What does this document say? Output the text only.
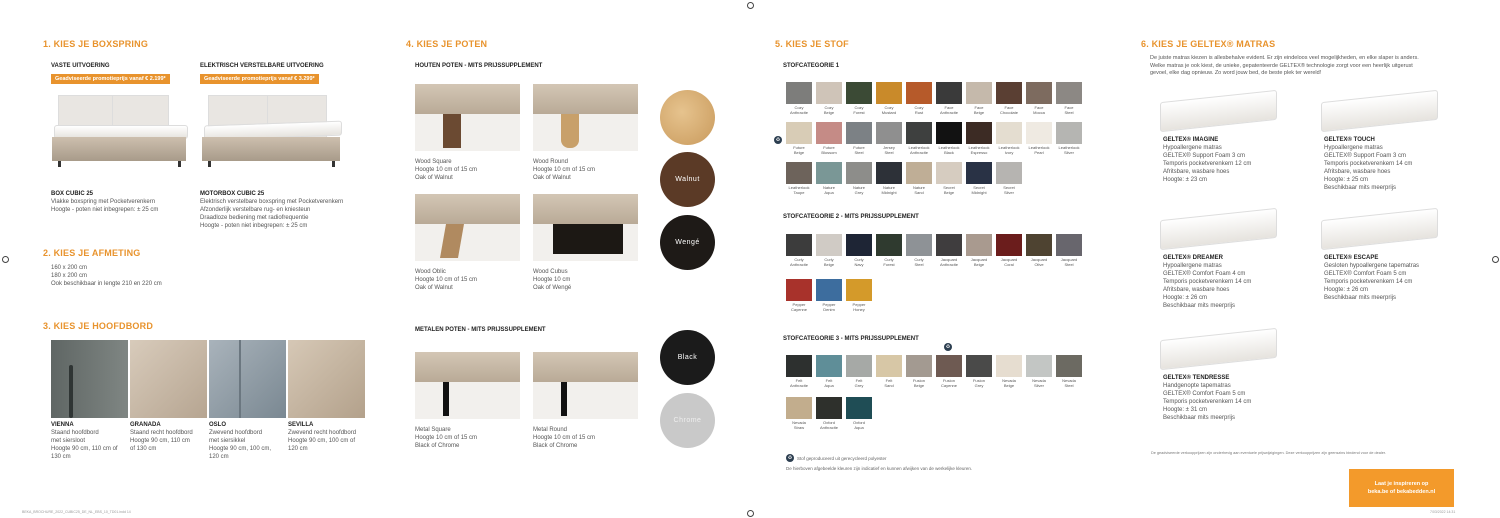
1. KIES JE BOXSPRING
VASTE UITVOERING
Geadviseerde promotieprijs vanaf € 2.199*
ELEKTRISCH VERSTELBARE UITVOERING
Geadviseerde promotieprijs vanaf € 3.299*
BOX CUBIC 25
Vlakke boxspring met Pocketverenkern
Hoogte - poten niet inbegrepen: ± 25 cm
MOTORBOX CUBIC 25
Elektrisch verstelbare boxspring met Pocketverenkern
Afzonderlijk verstelbare rug- en kniesteun
Draadloze bediening met radiofrequentie
Hoogte - poten niet inbegrepen: ± 25 cm
2. KIES JE AFMETING
160 x 200 cm
180 x 200 cm
Ook beschikbaar in lengte 210 en 220 cm
3. KIES JE HOOFDBORD
VIENNA
Staand hoofdbord
met siersloot
Hoogte 90 cm, 110 cm of
130 cm
GRANADA
Staand recht hoofdbord
Hoogte 90 cm, 110 cm
of 130 cm
OSLO
Zwevend hoofdbord
met siersikkel
Hoogte 90 cm, 100 cm,
120 cm
SEVILLA
Zwevend recht hoofdbord
Hoogte 90 cm, 100 cm of
120 cm
4. KIES JE POTEN
HOUTEN POTEN - MITS PRIJSSUPPLEMENT
METALEN POTEN - MITS PRIJSSUPPLEMENT
Wood Square
Hoogte 10 cm of 15 cm
Oak of Walnut
Wood Round
Hoogte 10 cm of 15 cm
Oak of Walnut
Wood Oblic
Hoogte 10 cm of 15 cm
Oak of Walnut
Wood Cubus
Hoogte 10 cm
Oak of Wengé
Metal Square
Hoogte 10 cm of 15 cm
Black of Chrome
Metal Round
Hoogte 10 cm of 15 cm
Black of Chrome
Walnut
Wengé
Black
Chrome
5. KIES JE STOF
STOFCATEGORIE 1
STOFCATEGORIE 2 - MITS PRIJSSUPPLEMENT
STOFCATEGORIE 3 - MITS PRIJSSUPPLEMENT
♻
♻
Cozy
Anthracite
Cozy
Beige
Cozy
Forest
Cozy
Mustard
Cozy
Rust
Face
Anthracite
Face
Beige
Face
Chocolate
Face
Mocca
Face
Steel
Future
Beige
Future
Blossom
Future
Steel
Jersey
Steel
Leatherlook
Anthracite
Leatherlook
Black
Leatherlook
Espresso
Leatherlook
Ivory
Leatherlook
Pearl
Leatherlook
Silver
Leatherlook
Taupe
Nature
Aqua
Nature
Grey
Nature
Midnight
Nature
Sand
Secret
Beige
Secret
Midnight
Secret
Silver
Curly
Anthracite
Curly
Beige
Curly
Navy
Curly
Forest
Curly
Steel
Jacquard
Anthracite
Jacquard
Beige
Jacquard
Coral
Jacquard
Olive
Jacquard
Steel
Pepper
Cayenne
Pepper
Denim
Pepper
Honey
Felt
Anthracite
Felt
Aqua
Felt
Grey
Felt
Sand
Fusion
Beige
Fusion
Cayenne
Fusion
Grey
Nevada
Beige
Nevada
Silver
Nevada
Steel
Nevada
Straw
Oxford
Anthracite
Oxford
Aqua
♻	Stof geproduceerd uit gerecycleerd polyester
De hierboven afgebeelde kleuren zijn indicatief en kunnen afwijken van de werkelijke kleuren.
6. KIES JE GELTEX® MATRAS
De juiste matras kiezen is allesbehalve evident. Er zijn eindeloos veel mogelijkheden, en elke slaper is anders.
Welke matras je ook kiest, de unieke, gepatenteerde GELTEX® technologie zorgt voor een heerlijk uitgerust
gevoel, elke dag opnieuw. Zo word jouw bed, de beste plek ter wereld!
GELTEX® IMAGINE
Hypoallergene matras
GELTEX® Support Foam 3 cm
Temporis pocketverenkern 12 cm
Afritsbare, wasbare hoes
Hoogte: ± 23 cm
GELTEX® TOUCH
Hypoallergene matras
GELTEX® Support Foam 3 cm
Temporis pocketverenkern 14 cm
Afritsbare, wasbare hoes
Hoogte: ± 25 cm
Beschikbaar mits meerprijs
GELTEX® DREAMER
Hypoallergene matras
GELTEX® Comfort Foam 4 cm
Temporis pocketverenkern 14 cm
Afritsbare, wasbare hoes
Hoogte: ± 26 cm
Beschikbaar mits meerprijs
GELTEX® ESCAPE
Gesloten hypoallergene tapematras
GELTEX® Comfort Foam 5 cm
Temporis pocketverenkern 14 cm
Hoogte: ± 26 cm
Beschikbaar mits meerprijs
GELTEX® TENDRESSE
Handgenopte tapematras
GELTEX® Comfort Foam 5 cm
Temporis pocketverenkern 14 cm
Hoogte: ± 31 cm
Beschikbaar mits meerprijs
De geadviseerde verkoopprijzen zijn onderhevig aan eventuele prijswijzigingen. Deze verkoopprijzen zijn geenszins bindend voor de dealer.
Laat je inspireren op
beka.be of bekabedden.nl
BEKA_BROCHURE_2022_CUBIC25_DE_NL_EBS_10_TD01.indd 14	7/03/2022 14:31
